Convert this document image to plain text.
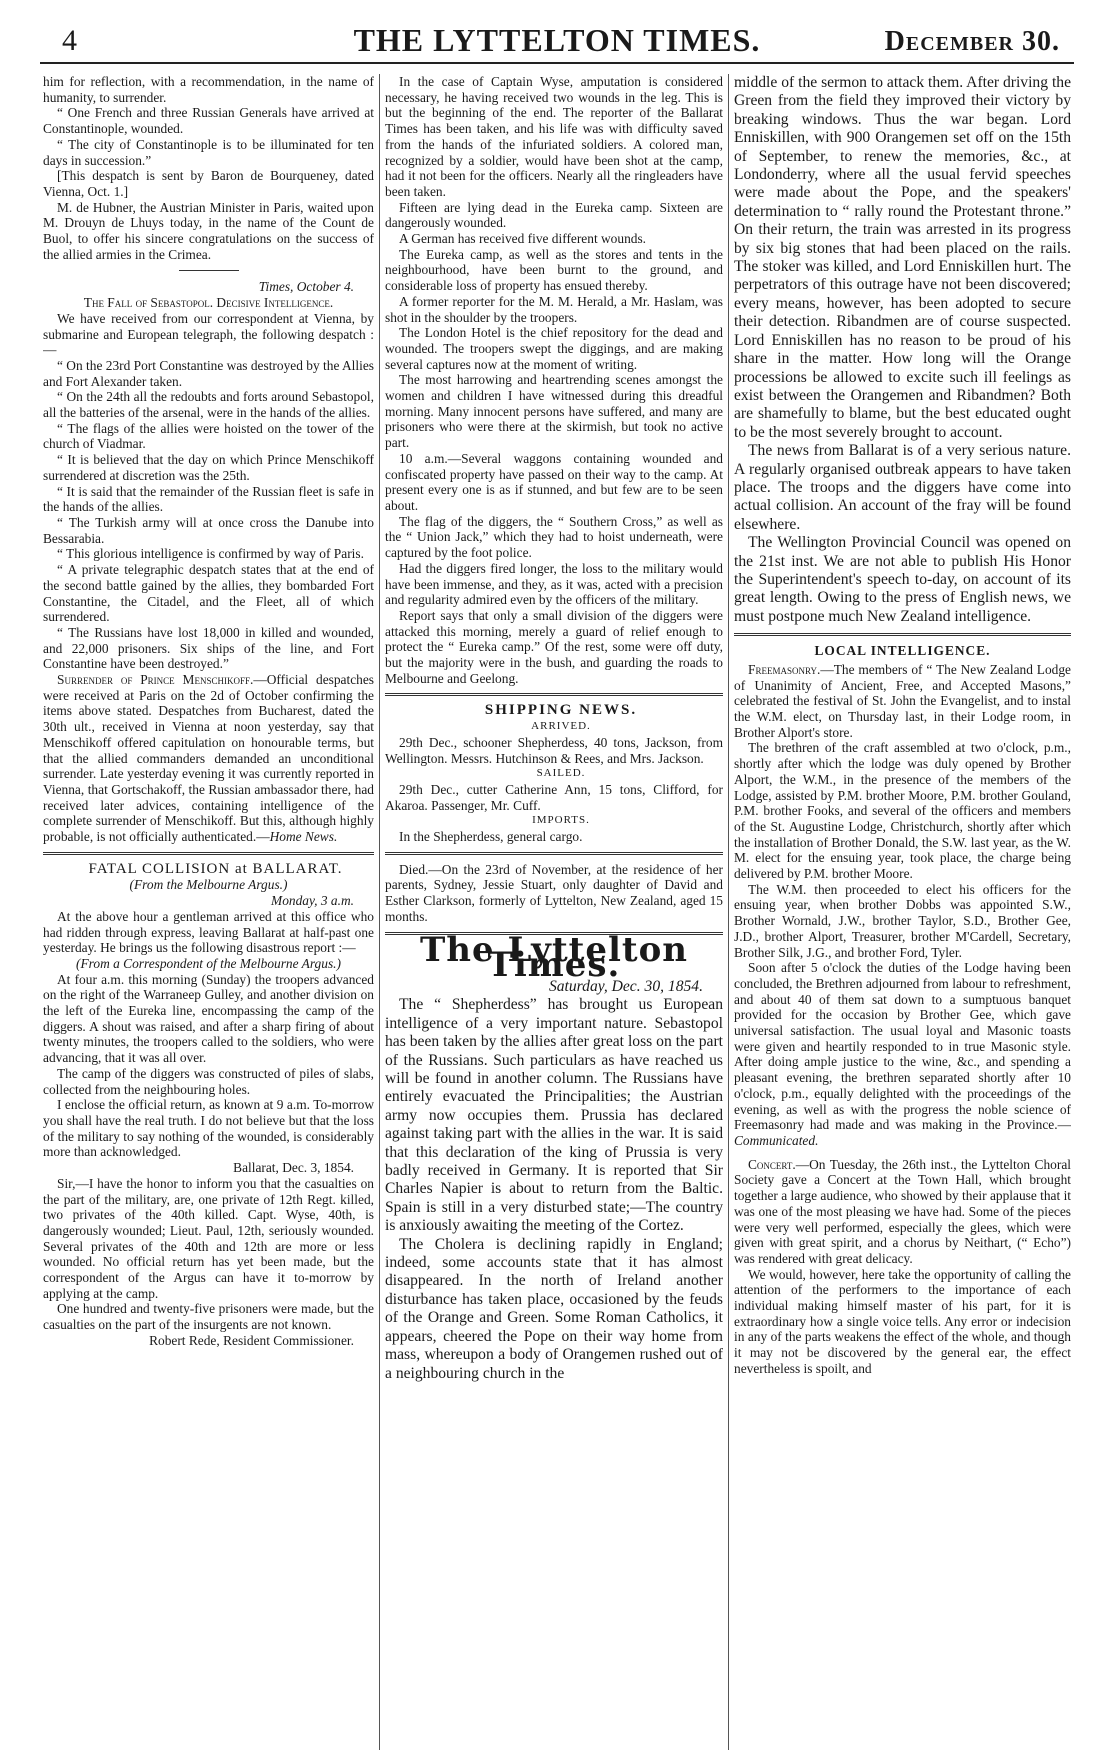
4	THE LYTTELTON TIMES.	December 30.

him for reflection, with a recommendation, in the name of humanity, to surrender.

“ One French and three Russian Generals have arrived at Constantinople, wounded.

“ The city of Constantinople is to be illuminated for ten days in succession.”

[This despatch is sent by Baron de Bourqueney, dated Vienna, Oct. 1.]

M. de Hubner, the Austrian Minister in Paris, waited upon M. Drouyn de Lhuys today, in the name of the Count de Buol, to offer his sincere congratulations on the success of the allied armies in the Crimea.

Times, October 4.

The Fall of Sebastopol. Decisive Intelligence.

We have received from our correspondent at Vienna, by submarine and European telegraph, the following despatch :—

“ On the 23rd Port Constantine was destroyed by the Allies and Fort Alexander taken.

“ On the 24th all the redoubts and forts around Sebastopol, all the batteries of the arsenal, were in the hands of the allies.

“ The flags of the allies were hoisted on the tower of the church of Viadmar.

“ It is believed that the day on which Prince Menschikoff surrendered at discretion was the 25th.

“ It is said that the remainder of the Russian fleet is safe in the hands of the allies.

“ The Turkish army will at once cross the Danube into Bessarabia.

“ This glorious intelligence is confirmed by way of Paris.

“ A private telegraphic despatch states that at the end of the second battle gained by the allies, they bombarded Fort Constantine, the Citadel, and the Fleet, all of which surrendered.

“ The Russians have lost 18,000 in killed and wounded, and 22,000 prisoners. Six ships of the line, and Fort Constantine have been destroyed.”

Surrender of Prince Menschikoff.—Official despatches were received at Paris on the 2d of October confirming the items above stated. Despatches from Bucharest, dated the 30th ult., received in Vienna at noon yesterday, say that Menschikoff offered capitulation on honourable terms, but that the allied commanders demanded an unconditional surrender. Late yesterday evening it was currently reported in Vienna, that Gortschakoff, the Russian ambassador there, had received later advices, containing intelligence of the complete surrender of Menschikoff. But this, although highly probable, is not officially authenticated.—Home News.

FATAL COLLISION at BALLARAT.

(From the Melbourne Argus.)

Monday, 3 a.m.

At the above hour a gentleman arrived at this office who had ridden through express, leaving Ballarat at half-past one yesterday. He brings us the following disastrous report :—

(From a Correspondent of the Melbourne Argus.)

At four a.m. this morning (Sunday) the troopers advanced on the right of the Warraneep Gulley, and another division on the left of the Eureka line, encompassing the camp of the diggers. A shout was raised, and after a sharp firing of about twenty minutes, the troopers called to the soldiers, who were advancing, that it was all over.

The camp of the diggers was constructed of piles of slabs, collected from the neighbouring holes.

I enclose the official return, as known at 9 a.m. To-morrow you shall have the real truth. I do not believe but that the loss of the military to say nothing of the wounded, is considerably more than acknowledged.

Ballarat, Dec. 3, 1854.

Sir,—I have the honor to inform you that the casualties on the part of the military, are, one private of 12th Regt. killed, two privates of the 40th killed. Capt. Wyse, 40th, is dangerously wounded; Lieut. Paul, 12th, seriously wounded. Several privates of the 40th and 12th are more or less wounded. No official return has yet been made, but the correspondent of the Argus can have it to-morrow by applying at the camp.

One hundred and twenty-five prisoners were made, but the casualties on the part of the insurgents are not known.

Robert Rede, Resident Commissioner.

In the case of Captain Wyse, amputation is considered necessary, he having received two wounds in the leg. This is but the beginning of the end. The reporter of the Ballarat Times has been taken, and his life was with difficulty saved from the hands of the infuriated soldiers. A colored man, recognized by a soldier, would have been shot at the camp, had it not been for the officers. Nearly all the ringleaders have been taken.

Fifteen are lying dead in the Eureka camp. Sixteen are dangerously wounded.

A German has received five different wounds.

The Eureka camp, as well as the stores and tents in the neighbourhood, have been burnt to the ground, and considerable loss of property has ensued thereby.

A former reporter for the M. M. Herald, a Mr. Haslam, was shot in the shoulder by the troopers.

The London Hotel is the chief repository for the dead and wounded. The troopers swept the diggings, and are making several captures now at the moment of writing.

The most harrowing and heartrending scenes amongst the women and children I have witnessed during this dreadful morning. Many innocent persons have suffered, and many are prisoners who were there at the skirmish, but took no active part.

10 a.m.—Several waggons containing wounded and confiscated property have passed on their way to the camp. At present every one is as if stunned, and but few are to be seen about.

The flag of the diggers, the “ Southern Cross,” as well as the “ Union Jack,” which they had to hoist underneath, were captured by the foot police.

Had the diggers fired longer, the loss to the military would have been immense, and they, as it was, acted with a precision and regularity admired even by the officers of the military.

Report says that only a small division of the diggers were attacked this morning, merely a guard of relief enough to protect the “ Eureka camp.” Of the rest, some were off duty, but the majority were in the bush, and guarding the roads to Melbourne and Geelong.

SHIPPING NEWS.

ARRIVED.

29th Dec., schooner Shepherdess, 40 tons, Jackson, from Wellington. Messrs. Hutchinson & Rees, and Mrs. Jackson.

SAILED.

29th Dec., cutter Catherine Ann, 15 tons, Clifford, for Akaroa. Passenger, Mr. Cuff.

IMPORTS.

In the Shepherdess, general cargo.

Died.—On the 23rd of November, at the residence of her parents, Sydney, Jessie Stuart, only daughter of David and Esther Clarkson, formerly of Lyttelton, New Zealand, aged 15 months.

The Lyttelton Times.

Saturday, Dec. 30, 1854.

The “ Shepherdess” has brought us European intelligence of a very important nature. Sebastopol has been taken by the allies after great loss on the part of the Russians. Such particulars as have reached us will be found in another column. The Russians have entirely evacuated the Principalities; the Austrian army now occupies them. Prussia has declared against taking part with the allies in the war. It is said that this declaration of the king of Prussia is very badly received in Germany. It is reported that Sir Charles Napier is about to return from the Baltic. Spain is still in a very disturbed state;—The country is anxiously awaiting the meeting of the Cortez.

The Cholera is declining rapidly in England; indeed, some accounts state that it has almost disappeared. In the north of Ireland another disturbance has taken place, occasioned by the feuds of the Orange and Green. Some Roman Catholics, it appears, cheered the Pope on their way home from mass, whereupon a body of Orangemen rushed out of a neighbouring church in the

middle of the sermon to attack them. After driving the Green from the field they improved their victory by breaking windows. Thus the war began. Lord Enniskillen, with 900 Orangemen set off on the 15th of September, to renew the memories, &c., at Londonderry, where all the usual fervid speeches were made about the Pope, and the speakers' determination to “ rally round the Protestant throne.” On their return, the train was arrested in its progress by six big stones that had been placed on the rails. The stoker was killed, and Lord Enniskillen hurt. The perpetrators of this outrage have not been discovered; every means, however, has been adopted to secure their detection. Ribandmen are of course suspected. Lord Enniskillen has no reason to be proud of his share in the matter. How long will the Orange processions be allowed to excite such ill feelings as exist between the Orangemen and Ribandmen? Both are shamefully to blame, but the best educated ought to be the most severely brought to account.

The news from Ballarat is of a very serious nature. A regularly organised outbreak appears to have taken place. The troops and the diggers have come into actual collision. An account of the fray will be found elsewhere.

The Wellington Provincial Council was opened on the 21st inst. We are not able to publish His Honor the Superintendent's speech to-day, on account of its great length. Owing to the press of English news, we must postpone much New Zealand intelligence.

LOCAL INTELLIGENCE.

Freemasonry.—The members of “ The New Zealand Lodge of Unanimity of Ancient, Free, and Accepted Masons,” celebrated the festival of St. John the Evangelist, and to instal the W.M. elect, on Thursday last, in their Lodge room, in Brother Alport's store.

The brethren of the craft assembled at two o'clock, p.m., shortly after which the lodge was duly opened by Brother Alport, the W.M., in the presence of the members of the Lodge, assisted by P.M. brother Moore, P.M. brother Gouland, P.M. brother Fooks, and several of the officers and members of the St. Augustine Lodge, Christchurch, shortly after which the installation of Brother Donald, the S.W. last year, as the W. M. elect for the ensuing year, took place, the charge being delivered by P.M. brother Moore.

The W.M. then proceeded to elect his officers for the ensuing year, when brother Dobbs was appointed S.W., Brother Wornald, J.W., brother Taylor, S.D., Brother Gee, J.D., brother Alport, Treasurer, brother M'Cardell, Secretary, Brother Silk, J.G., and brother Ford, Tyler.

Soon after 5 o'clock the duties of the Lodge having been concluded, the Brethren adjourned from labour to refreshment, and about 40 of them sat down to a sumptuous banquet provided for the occasion by Brother Gee, which gave universal satisfaction. The usual loyal and Masonic toasts were given and heartily responded to in true Masonic style. After doing ample justice to the wine, &c., and spending a pleasant evening, the brethren separated shortly after 10 o'clock, p.m., equally delighted with the proceedings of the evening, as well as with the progress the noble science of Freemasonry had made and was making in the Province.—Communicated.

Concert.—On Tuesday, the 26th inst., the Lyttelton Choral Society gave a Concert at the Town Hall, which brought together a large audience, who showed by their applause that it was one of the most pleasing we have had. Some of the pieces were very well performed, especially the glees, which were given with great spirit, and a chorus by Neithart, (“ Echo”) was rendered with great delicacy.

We would, however, here take the opportunity of calling the attention of the performers to the importance of each individual making himself master of his part, for it is extraordinary how a single voice tells. Any error or indecision in any of the parts weakens the effect of the whole, and though it may not be discovered by the general ear, the effect nevertheless is spoilt, and
